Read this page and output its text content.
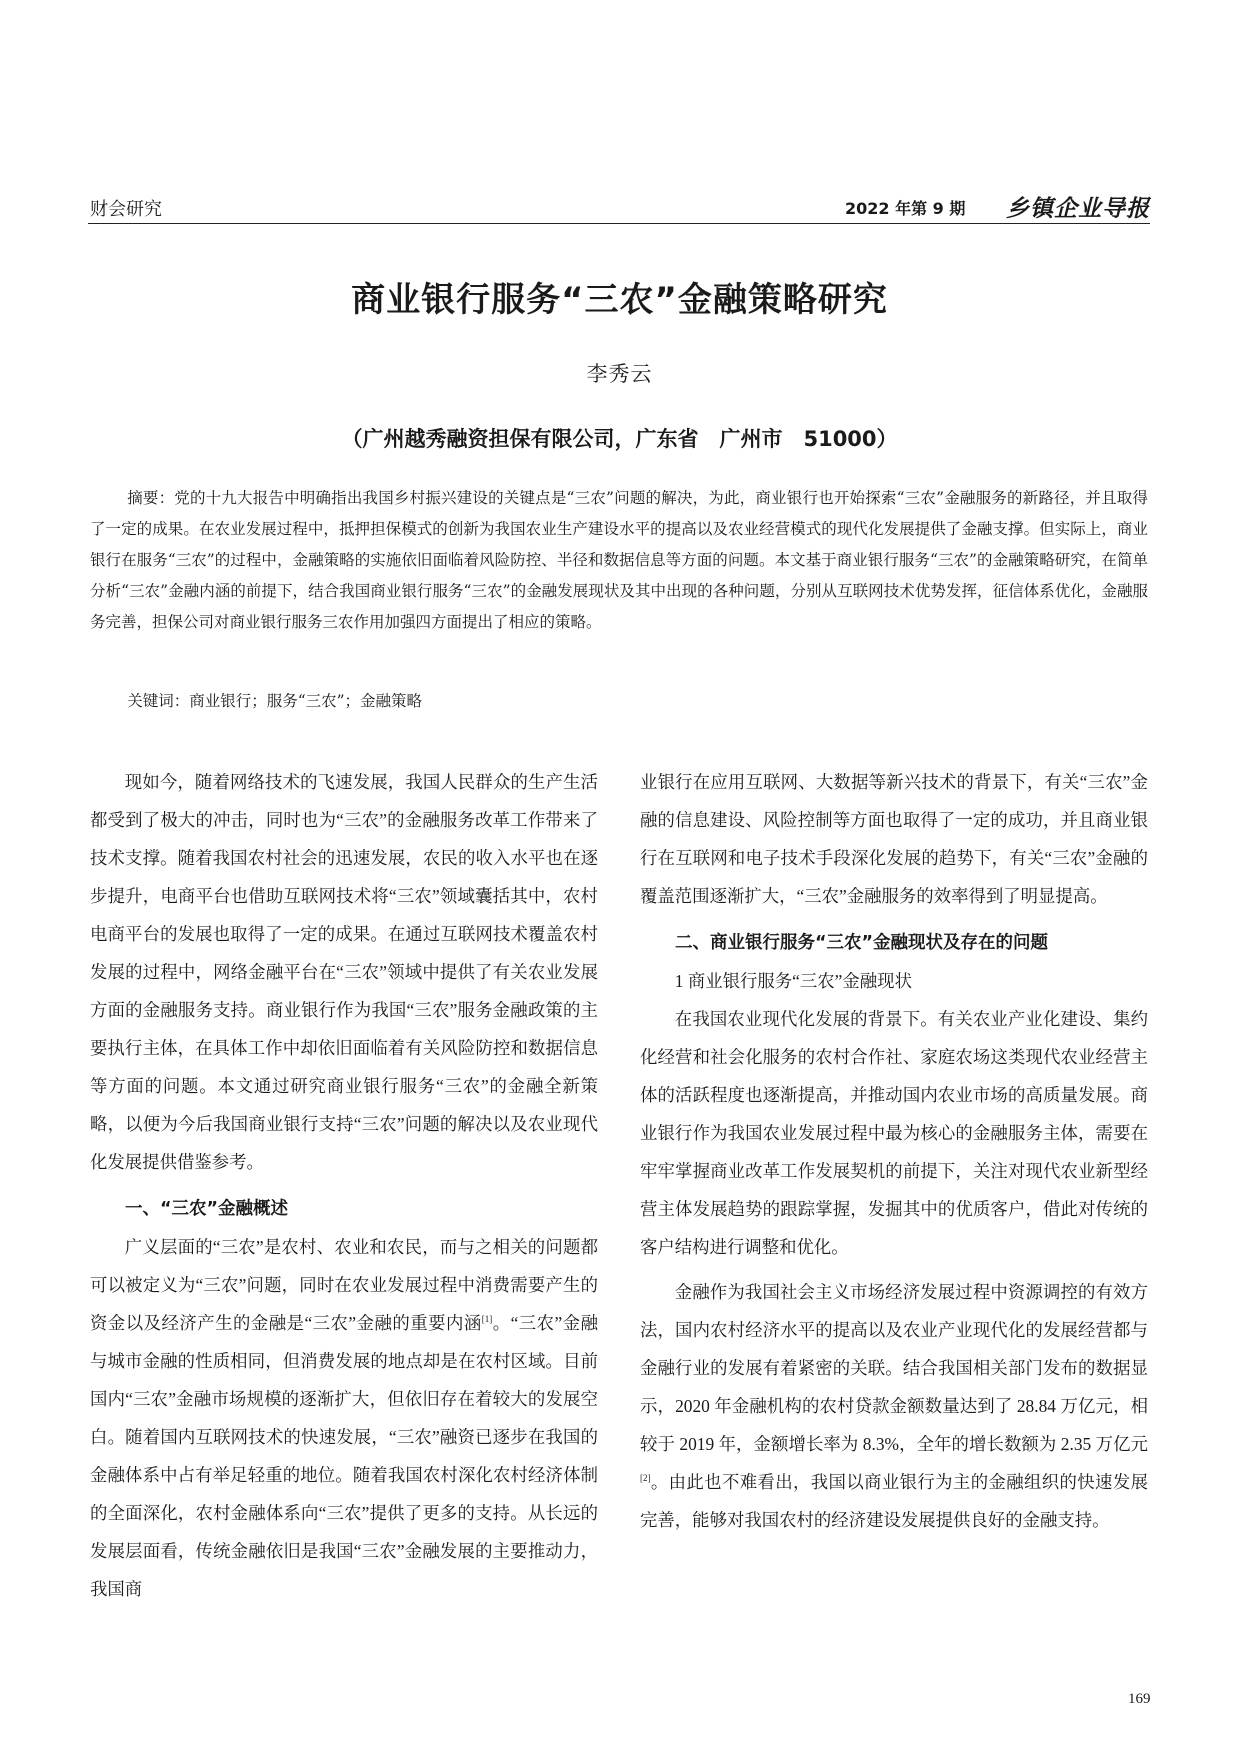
财会研究	2022 年第 9 期 乡镇企业导报
商业银行服务“三农”金融策略研究
李秀云
（广州越秀融资担保有限公司，广东省　广州市　51000）

摘要：党的十九大报告中明确指出我国乡村振兴建设的关键点是“三农”问题的解决，为此，商业银行也开始探索“三农”金融服务的新路径，并且取得了一定的成果。在农业发展过程中，抵押担保模式的创新为我国农业生产建设水平的提高以及农业经营模式的现代化发展提供了金融支撑。但实际上，商业银行在服务“三农”的过程中，金融策略的实施依旧面临着风险防控、半径和数据信息等方面的问题。本文基于商业银行服务“三农”的金融策略研究，在简单分析“三农”金融内涵的前提下，结合我国商业银行服务“三农”的金融发展现状及其中出现的各种问题，分别从互联网技术优势发挥，征信体系优化，金融服务完善，担保公司对商业银行服务三农作用加强四方面提出了相应的策略。

关键词：商业银行；服务“三农”；金融策略

现如今，随着网络技术的飞速发展，我国人民群众的生产生活都受到了极大的冲击，同时也为“三农”的金融服务改革工作带来了技术支撑。随着我国农村社会的迅速发展，农民的收入水平也在逐步提升，电商平台也借助互联网技术将“三农”领域囊括其中，农村电商平台的发展也取得了一定的成果。在通过互联网技术覆盖农村发展的过程中，网络金融平台在“三农”领域中提供了有关农业发展方面的金融服务支持。商业银行作为我国“三农”服务金融政策的主要执行主体，在具体工作中却依旧面临着有关风险防控和数据信息等方面的问题。本文通过研究商业银行服务“三农”的金融全新策略，以便为今后我国商业银行支持“三农”问题的解决以及农业现代化发展提供借鉴参考。

一、“三农”金融概述

广义层面的“三农”是农村、农业和农民，而与之相关的问题都可以被定义为“三农”问题，同时在农业发展过程中消费需要产生的资金以及经济产生的金融是“三农”金融的重要内涵[1]。“三农”金融与城市金融的性质相同，但消费发展的地点却是在农村区域。目前国内“三农”金融市场规模的逐渐扩大，但依旧存在着较大的发展空白。随着国内互联网技术的快速发展，“三农”融资已逐步在我国的金融体系中占有举足轻重的地位。随着我国农村深化农村经济体制的全面深化，农村金融体系向“三农”提供了更多的支持。从长远的发展层面看，传统金融依旧是我国“三农”金融发展的主要推动力，我国商

业银行在应用互联网、大数据等新兴技术的背景下，有关“三农”金融的信息建设、风险控制等方面也取得了一定的成功，并且商业银行在互联网和电子技术手段深化发展的趋势下，有关“三农”金融的覆盖范围逐渐扩大，“三农”金融服务的效率得到了明显提高。

二、商业银行服务“三农”金融现状及存在的问题
1 商业银行服务“三农”金融现状

在我国农业现代化发展的背景下。有关农业产业化建设、集约化经营和社会化服务的农村合作社、家庭农场这类现代农业经营主体的活跃程度也逐渐提高，并推动国内农业市场的高质量发展。商业银行作为我国农业发展过程中最为核心的金融服务主体，需要在牢牢掌握商业改革工作发展契机的前提下，关注对现代农业新型经营主体发展趋势的跟踪掌握，发掘其中的优质客户，借此对传统的客户结构进行调整和优化。

金融作为我国社会主义市场经济发展过程中资源调控的有效方法，国内农村经济水平的提高以及农业产业现代化的发展经营都与金融行业的发展有着紧密的关联。结合我国相关部门发布的数据显示，2020 年金融机构的农村贷款金额数量达到了 28.84 万亿元，相较于 2019 年，金额增长率为 8.3%，全年的增长数额为 2.35 万亿元[2]。由此也不难看出，我国以商业银行为主的金融组织的快速发展完善，能够对我国农村的经济建设发展提供良好的金融支持。

169
